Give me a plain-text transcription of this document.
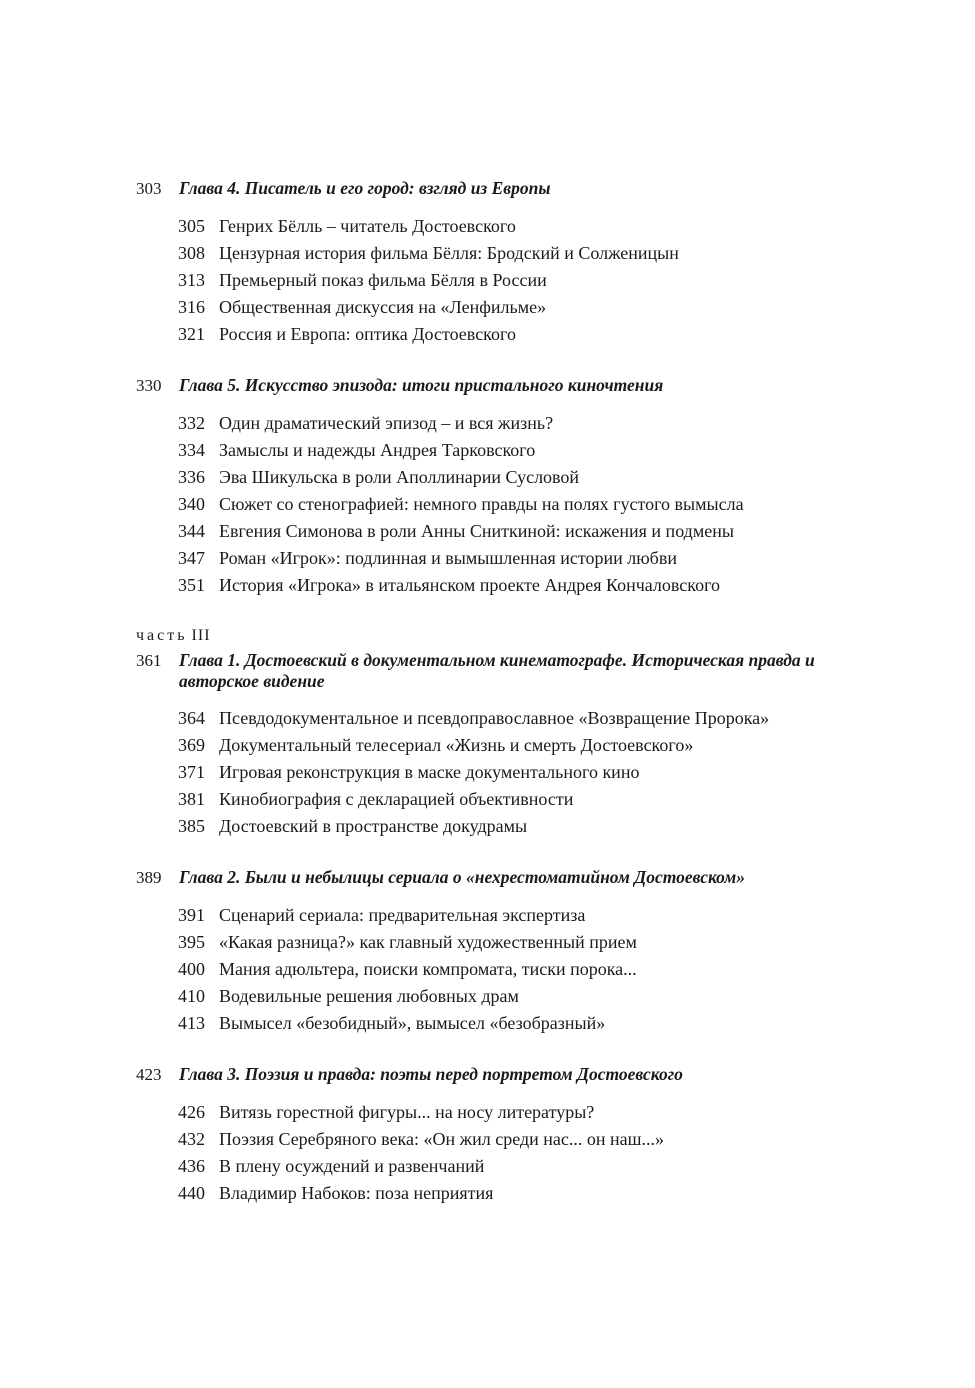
303	Глава 4. Писатель и его город: взгляд из Европы
305 Генрих Бёлль – читатель Достоевского
308 Цензурная история фильма Бёлля: Бродский и Солженицын
313 Премьерный показ фильма Бёлля в России
316 Общественная дискуссия на «Ленфильме»
321 Россия и Европа: оптика Достоевского
330	Глава 5. Искусство эпизода: итоги пристального киночтения
332 Один драматический эпизод – и вся жизнь?
334 Замыслы и надежды Андрея Тарковского
336 Эва Шикульска в роли Аполлинарии Сусловой
340 Сюжет со стенографией: немного правды на полях густого вымысла
344 Евгения Симонова в роли Анны Сниткиной: искажения и подмены
347 Роман «Игрок»: подлинная и вымышленная истории любви
351 История «Игрока» в итальянском проекте Андрея Кончаловского
часть III
361	Глава 1. Достоевский в документальном кинематографе. Историческая правда и авторское видение
364 Псевдодокументальное и псевдоправославное «Возвращение Пророка»
369 Документальный телесериал «Жизнь и смерть Достоевского»
371 Игровая реконструкция в маске документального кино
381 Кинобиография с декларацией объективности
385 Достоевский в пространстве докудрамы
389	Глава 2. Были и небылицы сериала о «нехрестоматийном Достоевском»
391 Сценарий сериала: предварительная экспертиза
395 «Какая разница?» как главный художественный прием
400 Мания адюльтера, поиски компромата, тиски порока...
410 Водевильные решения любовных драм
413 Вымысел «безобидный», вымысел «безобразный»
423	Глава 3. Поэзия и правда: поэты перед портретом Достоевского
426 Витязь горестной фигуры... на носу литературы?
432 Поэзия Серебряного века: «Он жил среди нас... он наш...»
436 В плену осуждений и развенчаний
440 Владимир Набоков: поза неприятия
